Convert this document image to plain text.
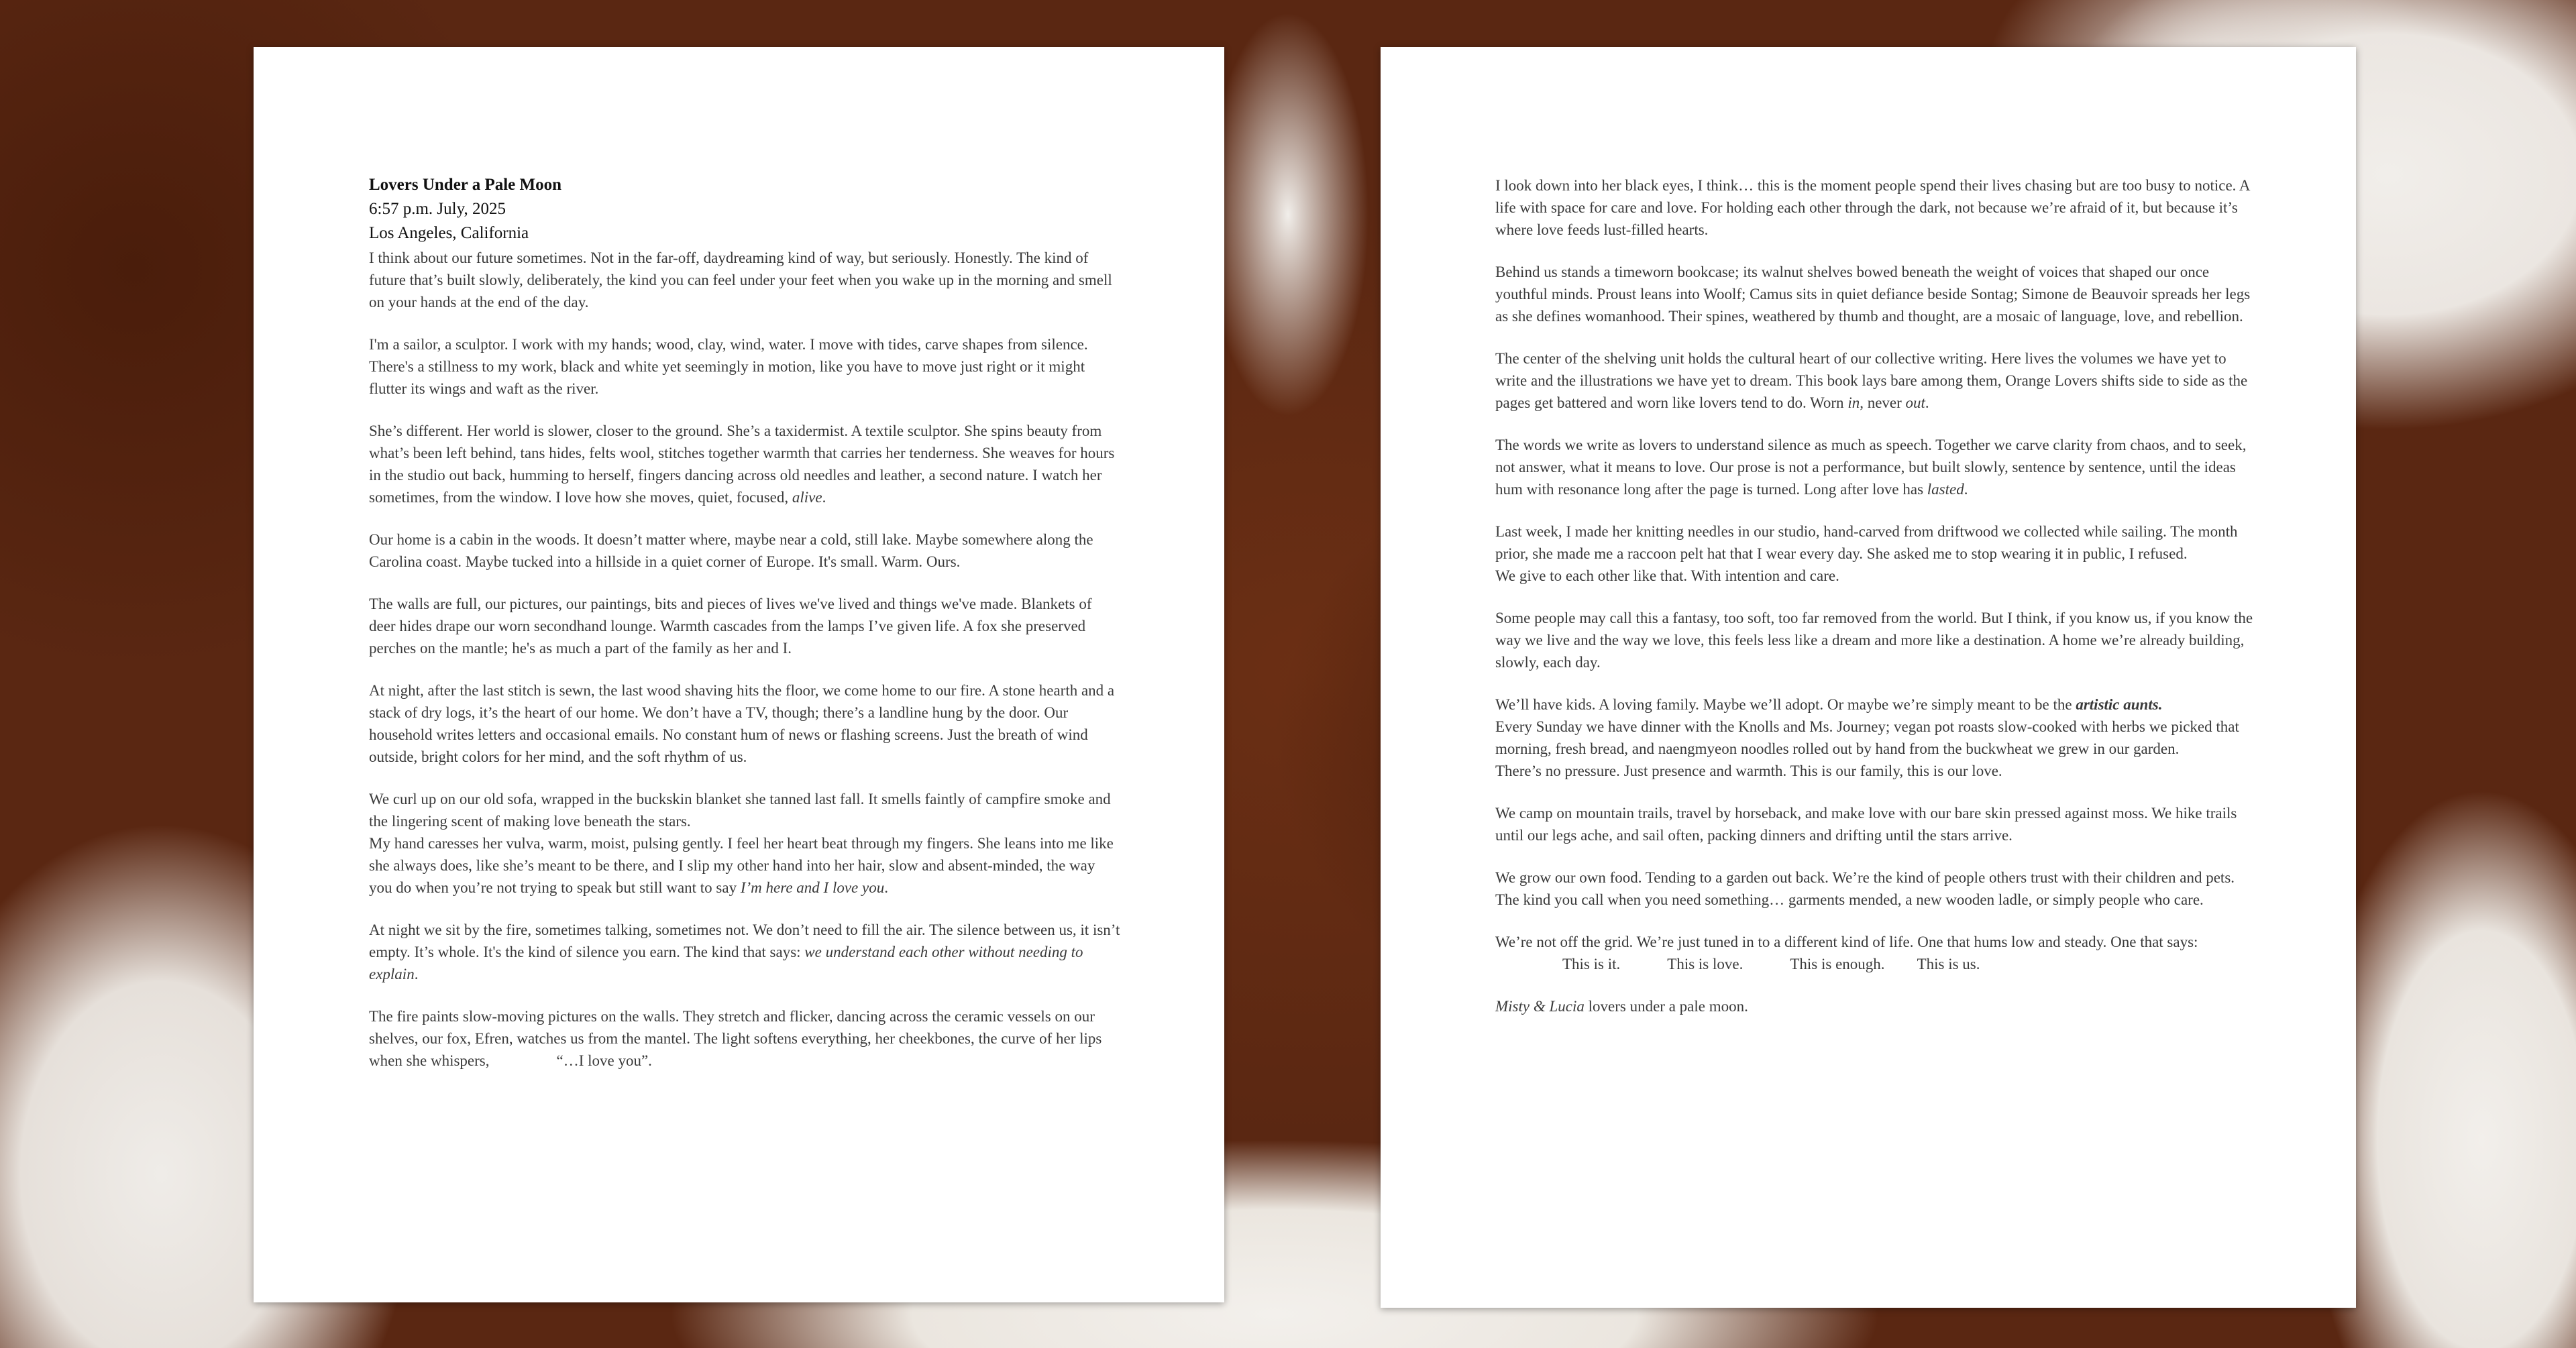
Lovers Under a Pale Moon
6:57 p.m. July, 2025
Los Angeles, California

I think about our future sometimes. Not in the far-off, daydreaming kind of way, but seriously. Honestly. The kind of future that’s built slowly, deliberately, the kind you can feel under your feet when you wake up in the morning and smell on your hands at the end of the day.

I'm a sailor, a sculptor. I work with my hands; wood, clay, wind, water. I move with tides, carve shapes from silence. There's a stillness to my work, black and white yet seemingly in motion, like you have to move just right or it might flutter its wings and waft as the river.

She’s different. Her world is slower, closer to the ground. She’s a taxidermist. A textile sculptor. She spins beauty from what’s been left behind, tans hides, felts wool, stitches together warmth that carries her tenderness. She weaves for hours in the studio out back, humming to herself, fingers dancing across old needles and leather, a second nature. I watch her sometimes, from the window. I love how she moves, quiet, focused, alive.

Our home is a cabin in the woods. It doesn’t matter where, maybe near a cold, still lake. Maybe somewhere along the Carolina coast. Maybe tucked into a hillside in a quiet corner of Europe. It's small. Warm. Ours.

The walls are full, our pictures, our paintings, bits and pieces of lives we've lived and things we've made. Blankets of deer hides drape our worn secondhand lounge. Warmth cascades from the lamps I’ve given life. A fox she preserved perches on the mantle; he's as much a part of the family as her and I.

At night, after the last stitch is sewn, the last wood shaving hits the floor, we come home to our fire. A stone hearth and a stack of dry logs, it’s the heart of our home. We don’t have a TV, though; there’s a landline hung by the door. Our household writes letters and occasional emails. No constant hum of news or flashing screens. Just the breath of wind outside, bright colors for her mind, and the soft rhythm of us.

We curl up on our old sofa, wrapped in the buckskin blanket she tanned last fall. It smells faintly of campfire smoke and the lingering scent of making love beneath the stars.
My hand caresses her vulva, warm, moist, pulsing gently. I feel her heart beat through my fingers. She leans into me like she always does, like she’s meant to be there, and I slip my other hand into her hair, slow and absent-minded, the way you do when you’re not trying to speak but still want to say I’m here and I love you.

At night we sit by the fire, sometimes talking, sometimes not. We don’t need to fill the air. The silence between us, it isn’t empty. It’s whole. It's the kind of silence you earn. The kind that says: we understand each other without needing to explain.

The fire paints slow-moving pictures on the walls. They stretch and flicker, dancing across the ceramic vessels on our shelves, our fox, Efren, watches us from the mantel. The light softens everything, her cheekbones, the curve of her lips when she whispers,	“…I love you”.

I look down into her black eyes, I think… this is the moment people spend their lives chasing but are too busy to notice. A life with space for care and love. For holding each other through the dark, not because we’re afraid of it, but because it’s where love feeds lust-filled hearts.

Behind us stands a timeworn bookcase; its walnut shelves bowed beneath the weight of voices that shaped our once youthful minds. Proust leans into Woolf; Camus sits in quiet defiance beside Sontag; Simone de Beauvoir spreads her legs as she defines womanhood. Their spines, weathered by thumb and thought, are a mosaic of language, love, and rebellion.

The center of the shelving unit holds the cultural heart of our collective writing. Here lives the volumes we have yet to write and the illustrations we have yet to dream. This book lays bare among them, Orange Lovers shifts side to side as the pages get battered and worn like lovers tend to do. Worn in, never out.

The words we write as lovers to understand silence as much as speech. Together we carve clarity from chaos, and to seek, not answer, what it means to love. Our prose is not a performance, but built slowly, sentence by sentence, until the ideas hum with resonance long after the page is turned. Long after love has lasted.

Last week, I made her knitting needles in our studio, hand-carved from driftwood we collected while sailing. The month prior, she made me a raccoon pelt hat that I wear every day. She asked me to stop wearing it in public, I refused.
We give to each other like that. With intention and care.

Some people may call this a fantasy, too soft, too far removed from the world. But I think, if you know us, if you know the way we live and the way we love, this feels less like a dream and more like a destination. A home we’re already building, slowly, each day.

We’ll have kids. A loving family. Maybe we’ll adopt. Or maybe we’re simply meant to be the artistic aunts.
Every Sunday we have dinner with the Knolls and Ms. Journey; vegan pot roasts slow-cooked with herbs we picked that morning, fresh bread, and naengmyeon noodles rolled out by hand from the buckwheat we grew in our garden.
There’s no pressure. Just presence and warmth. This is our family, this is our love.

We camp on mountain trails, travel by horseback, and make love with our bare skin pressed against moss. We hike trails until our legs ache, and sail often, packing dinners and drifting until the stars arrive.

We grow our own food. Tending to a garden out back. We’re the kind of people others trust with their children and pets. The kind you call when you need something… garments mended, a new wooden ladle, or simply people who care.

We’re not off the grid. We’re just tuned in to a different kind of life. One that hums low and steady. One that says:This is it.	This is love.	This is enough. This is us.

Misty & Lucia lovers under a pale moon.
